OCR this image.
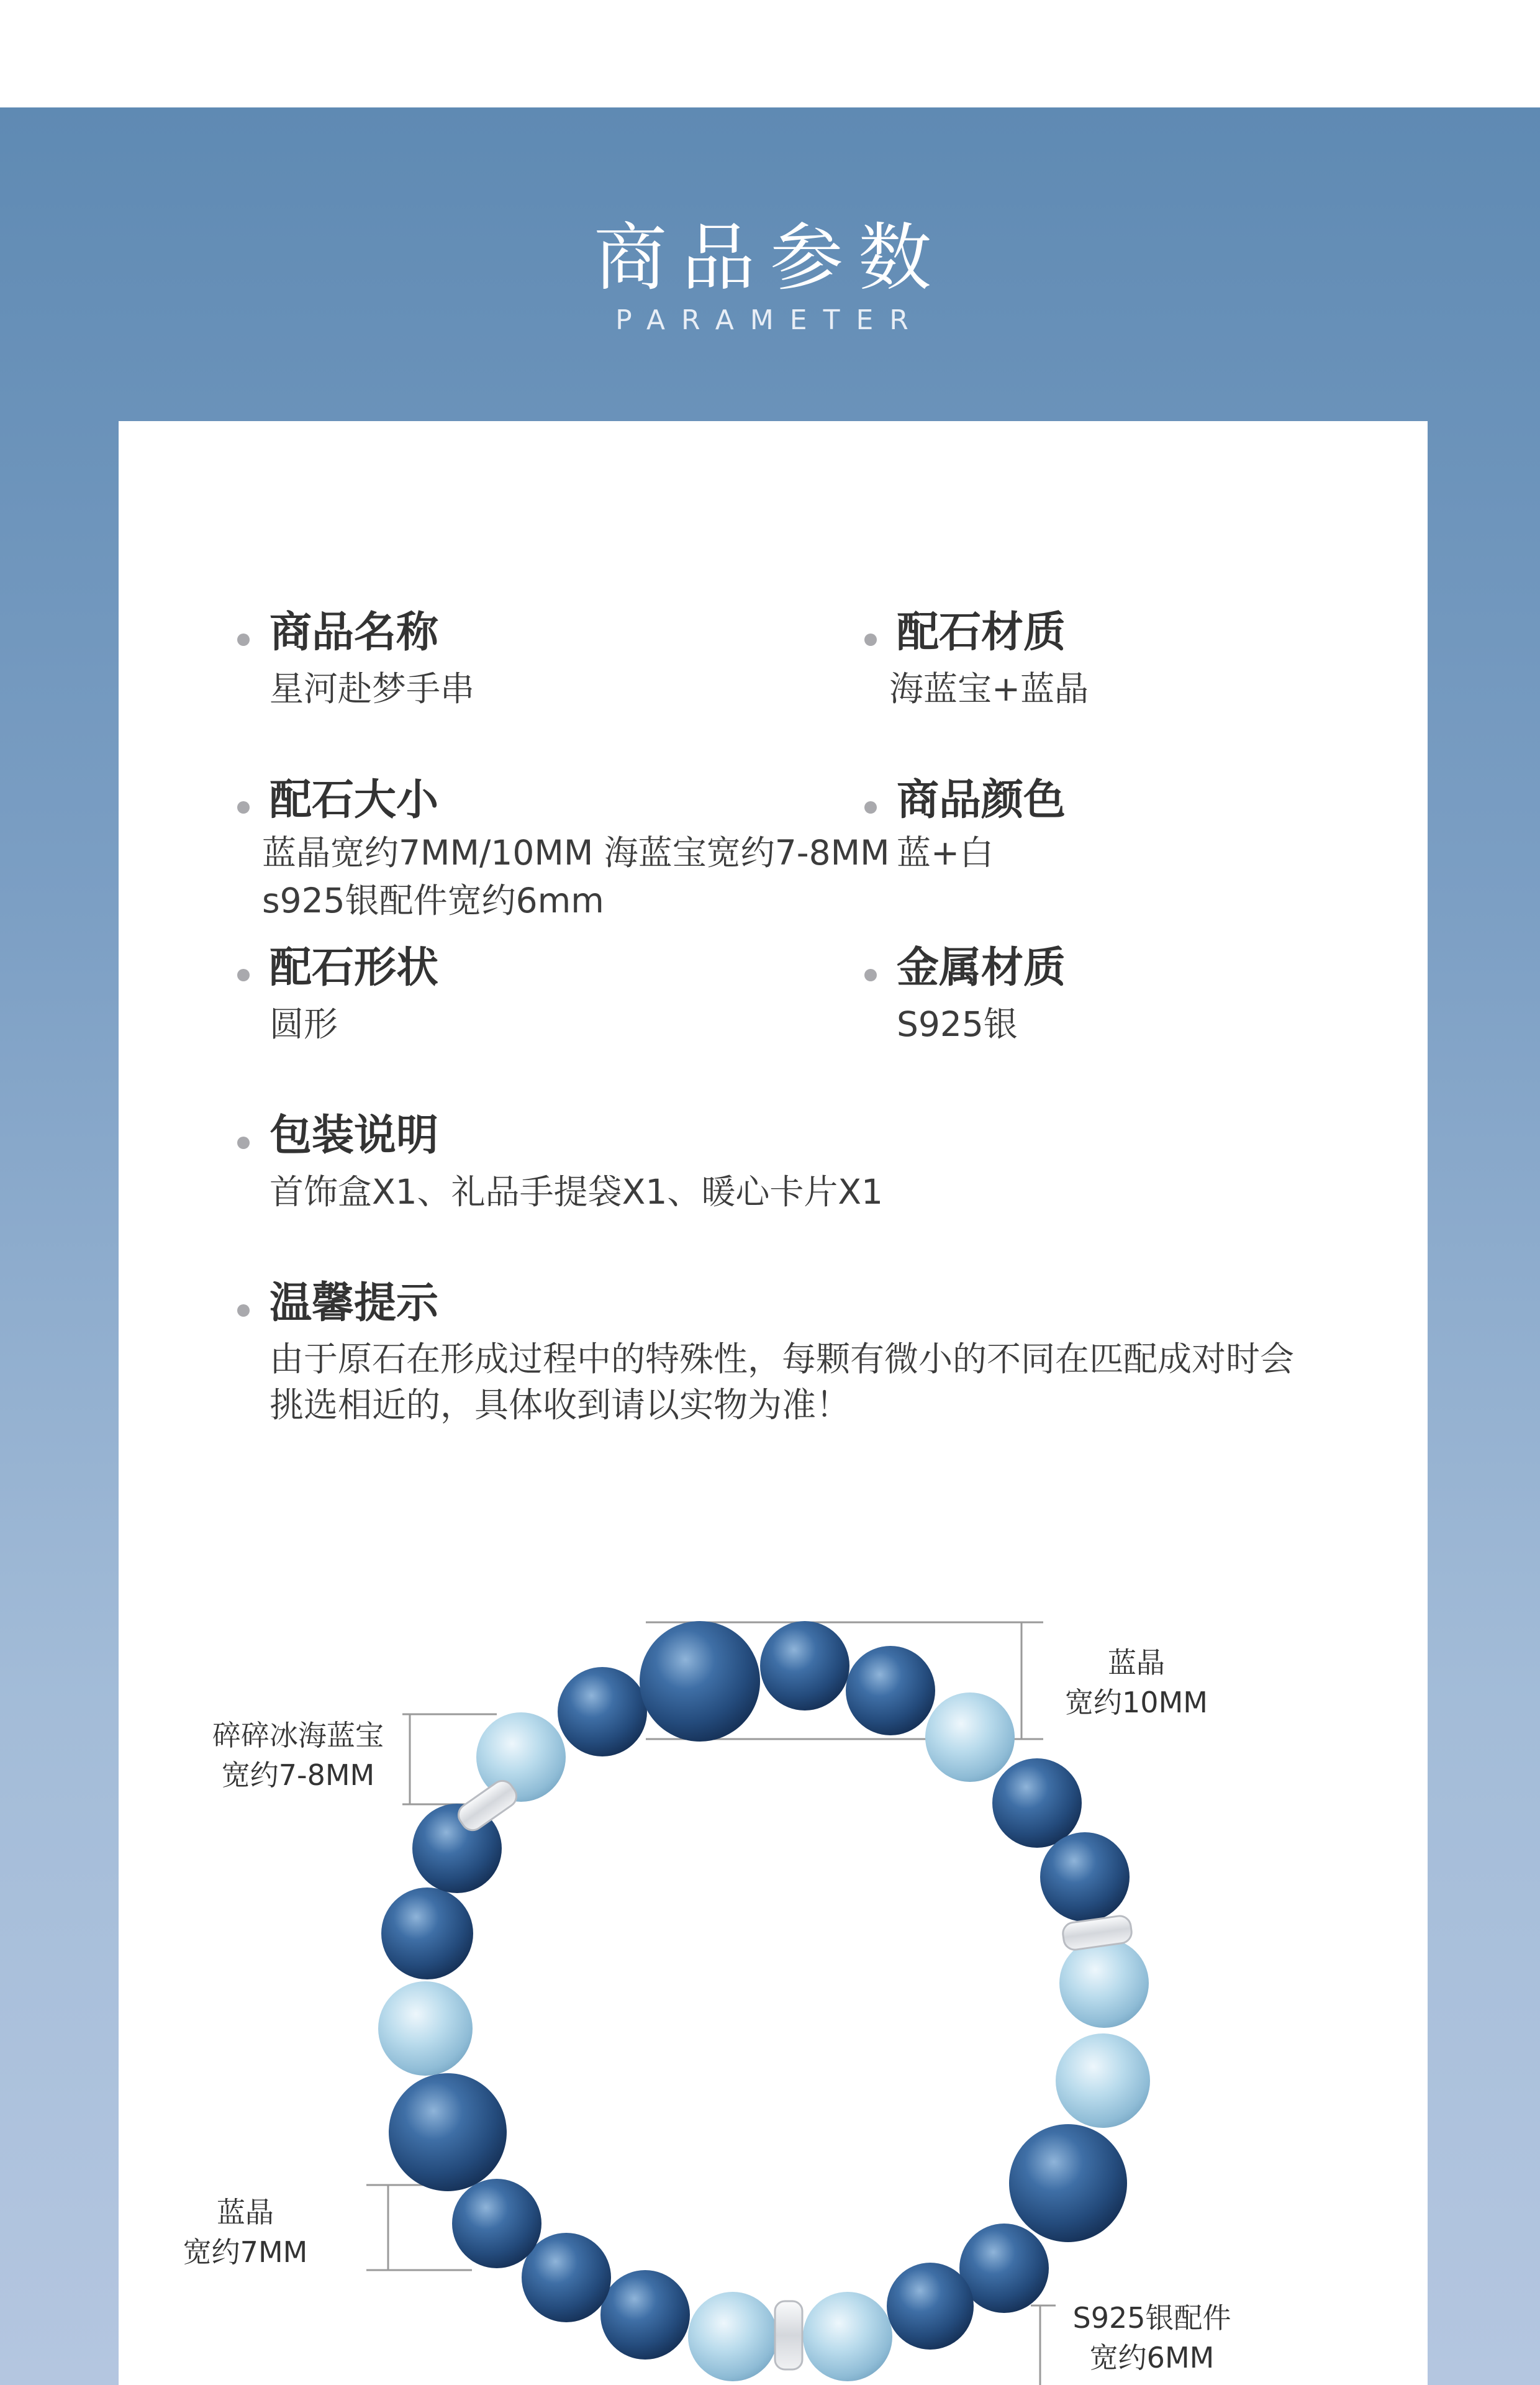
商品参数
PARAMETER
商品名称
星河赴梦手串
配石材质
海蓝宝+蓝晶
配石大小
蓝晶宽约7MM/10MM 海蓝宝宽约7-8MM
s925银配件宽约6mm
商品颜色
蓝+白
配石形状
圆形
金属材质
S925银
包装说明
首饰盒X1、礼品手提袋X1、暖心卡片X1
温馨提示
由于原石在形成过程中的特殊性，每颗有微小的不同在匹配成对时会挑选相近的，具体收到请以实物为准！
蓝晶
宽约10MM
碎碎冰海蓝宝
宽约7-8MM
蓝晶
宽约7MM
S925银配件
宽约6MM
